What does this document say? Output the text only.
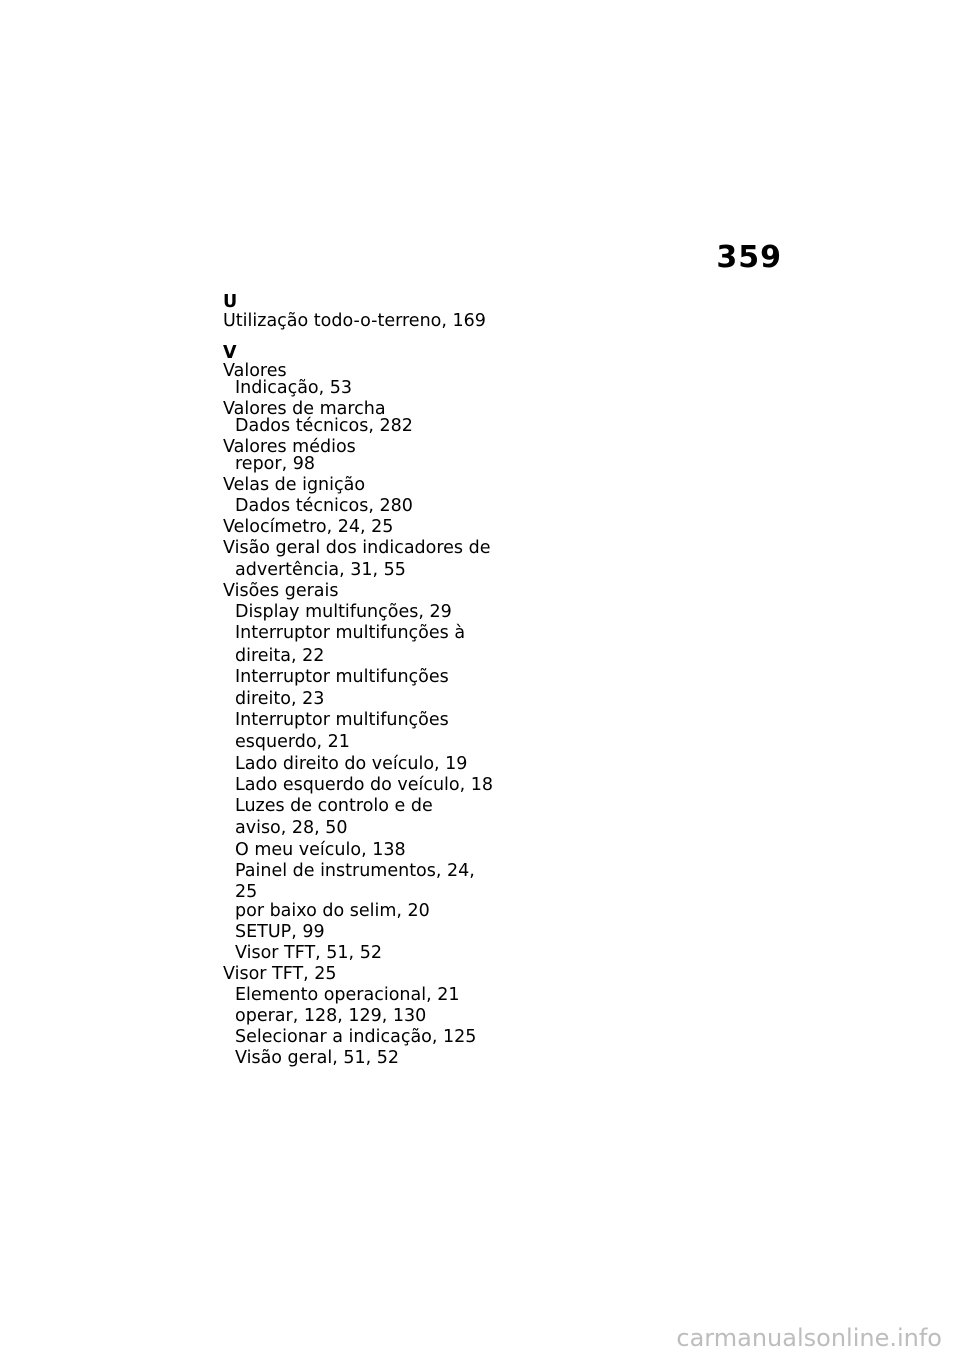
359
U
Utilização todo-o-terreno, 169
V
Valores
Indicação, 53
Valores de marcha
Dados técnicos, 282
Valores médios
repor, 98
Velas de ignição
Dados técnicos, 280
Velocímetro, 24, 25
Visão geral dos indicadores de
advertência, 31, 55
Visões gerais
Display multifunções, 29
Interruptor multifunções à
direita, 22
Interruptor multifunções
direito, 23
Interruptor multifunções
esquerdo, 21
Lado direito do veículo, 19
Lado esquerdo do veículo, 18
Luzes de controlo e de
aviso, 28, 50
O meu veículo, 138
Painel de instrumentos, 24,
25
por baixo do selim, 20
SETUP, 99
Visor TFT, 51, 52
Visor TFT, 25
Elemento operacional, 21
operar, 128, 129, 130
Selecionar a indicação, 125
Visão geral, 51, 52
carmanualsonline.info
